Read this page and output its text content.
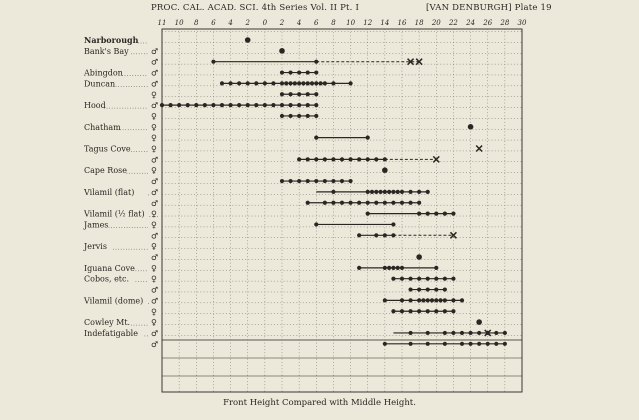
PROC. CAL. ACAD. SCI. 4th Series Vol. II Pt. I	[VAN DENBURGH] Plate 19
11 10 8 6 4 2 0 2 4 6 8 10 12 14 16 18 20 22 24 26 28 30
Narborough
Bank's Bay	♂
♂
Abingdon	♂
Duncan	♂
♀
Hood	♂
♀
Chatham	♀
♀
Tagus Cove	♀
♂
Cape Rose	♀
♂
Vilamil (flat) ♂
♂
Vilamil (½ flat) ♀
James	♀
♂
Jervis	♀
♂
Iguana Cove ♀
Cobos, etc.	♀
♂
Vilamil (dome) ♂
♀
Cowley Mt.	♀
Indefatigable ♂
♂
Front Height Compared with Middle Height.
